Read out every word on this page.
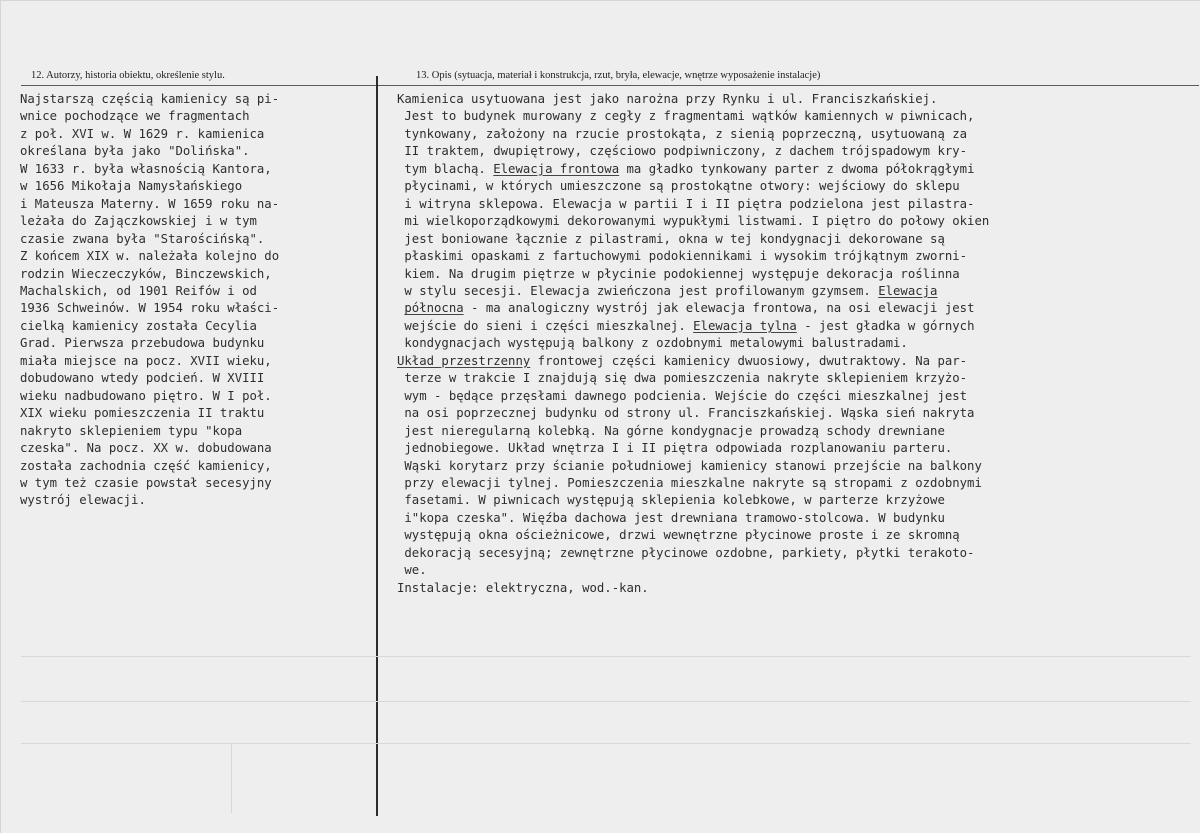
12. Autorzy, historia obiektu, określenie stylu.	13. Opis (sytuacja, materiał i konstrukcja, rzut, bryła, elewacje, wnętrze wyposażenie instalacje)
Najstarszą częścią kamienicy są pi-
wnice pochodzące we fragmentach
z poł. XVI w. W 1629 r. kamienica
określana była jako "Dolińska".
W 1633 r. była własnością Kantora,
w 1656 Mikołaja Namysłańskiego
i Mateusza Materny. W 1659 roku na-
leżała do Zajączkowskiej i w tym
czasie zwana była "Starościńską".
Z końcem XIX w. należała kolejno do
rodzin Wieczeczyków, Binczewskich,
Machalskich, od 1901 Reifów i od
1936 Schweinów. W 1954 roku właści-
cielką kamienicy została Cecylia
Grad. Pierwsza przebudowa budynku
miała miejsce na pocz. XVII wieku,
dobudowano wtedy podcień. W XVIII
wieku nadbudowano piętro. W I poł.
XIX wieku pomieszczenia II traktu
nakryto sklepieniem typu "kopa
czeska". Na pocz. XX w. dobudowana
została zachodnia część kamienicy,
w tym też czasie powstał secesyjny
wystrój elewacji.
Kamienica usytuowana jest jako narożna przy Rynku i ul. Franciszkańskiej.
Jest to budynek murowany z cegły z fragmentami wątków kamiennych w piwnicach,
tynkowany, założony na rzucie prostokąta, z sienią poprzeczną, usytuowaną za
II traktem, dwupiętrowy, częściowo podpiwniczony, z dachem trójspadowym kry-
tym blachą. Elewacja frontowa ma gładko tynkowany parter z dwoma półokrągłymi
płycinami, w których umieszczone są prostokątne otwory: wejściowy do sklepu
i witryna sklepowa. Elewacja w partii I i II piętra podzielona jest pilastra-
mi wielkoporządkowymi dekorowanymi wypukłymi listwami. I piętro do połowy okien
jest boniowane łącznie z pilastrami, okna w tej kondygnacji dekorowane są
płaskimi opaskami z fartuchowymi podokiennikami i wysokim trójkątnym zworni-
kiem. Na drugim piętrze w płycinie podokiennej występuje dekoracja roślinna
w stylu secesji. Elewacja zwieńczona jest profilowanym gzymsem. Elewacja
północna - ma analogiczny wystrój jak elewacja frontowa, na osi elewacji jest
wejście do sieni i części mieszkalnej. Elewacja tylna - jest gładka w górnych
kondygnacjach występują balkony z ozdobnymi metalowymi balustradami.
Układ przestrzenny frontowej części kamienicy dwuosiowy, dwutraktowy. Na par-
terze w trakcie I znajdują się dwa pomieszczenia nakryte sklepieniem krzyżo-
wym - będące przęsłami dawnego podcienia. Wejście do części mieszkalnej jest
na osi poprzecznej budynku od strony ul. Franciszkańskiej. Wąska sień nakryta
jest nieregularną kolebką. Na górne kondygnacje prowadzą schody drewniane
jednobiegowe. Układ wnętrza I i II piętra odpowiada rozplanowaniu parteru.
Wąski korytarz przy ścianie południowej kamienicy stanowi przejście na balkony
przy elewacji tylnej. Pomieszczenia mieszkalne nakryte są stropami z ozdobnymi
fasetami. W piwnicach występują sklepienia kolebkowe, w parterze krzyżowe
i"kopa czeska". Więźba dachowa jest drewniana tramowo-stolcowa. W budynku
występują okna ościeżnicowe, drzwi wewnętrzne płycinowe proste i ze skromną
dekoracją secesyjną; zewnętrzne płycinowe ozdobne, parkiety, płytki terakoto-
we.
Instalacje: elektryczna, wod.-kan.
